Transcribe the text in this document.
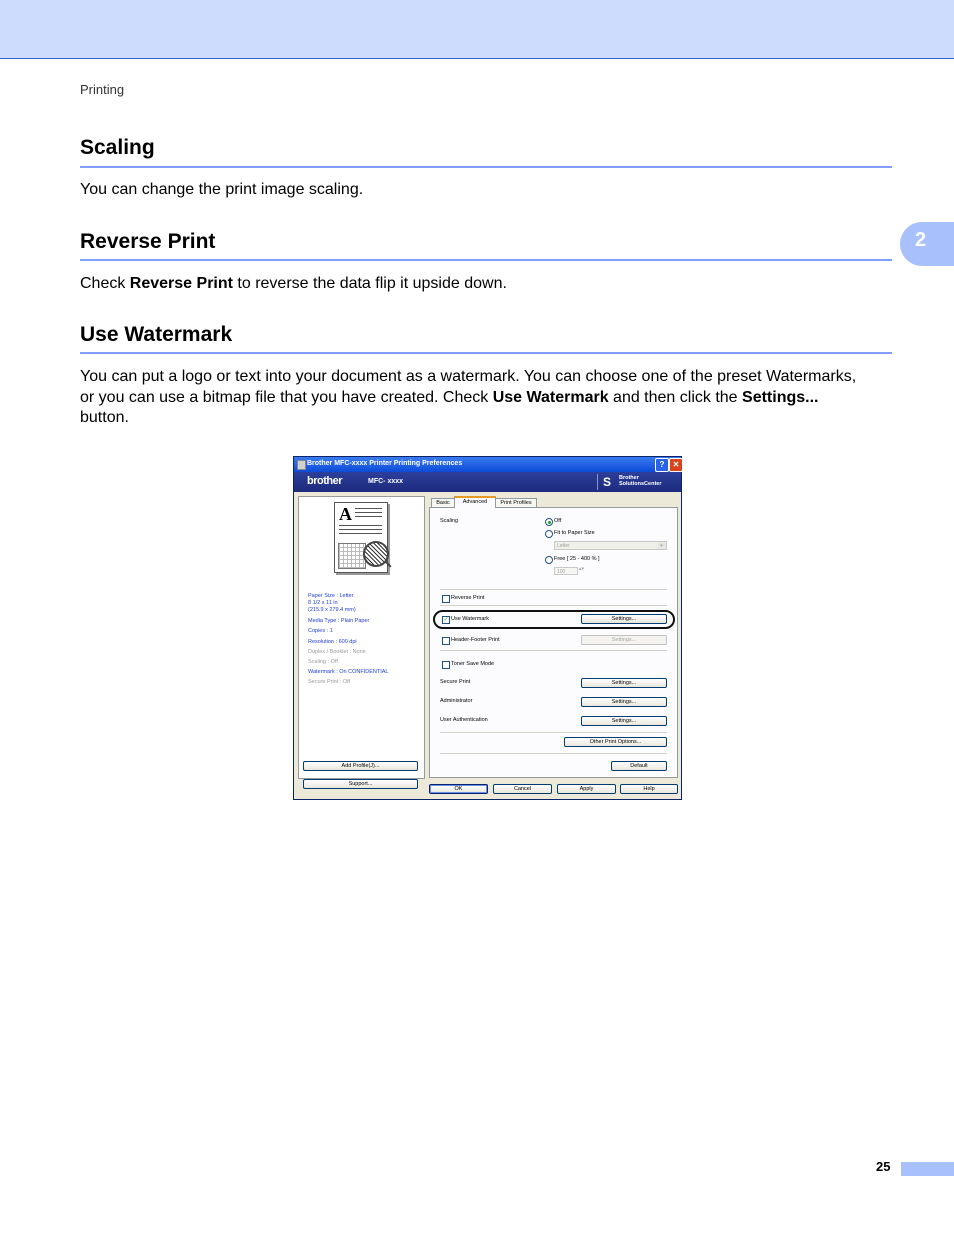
Printing
Scaling
You can change the print image scaling.
Reverse Print
Check Reverse Print to reverse the data flip it upside down.
2
Use Watermark
You can put a logo or text into your document as a watermark. You can choose one of the preset Watermarks,
or you can use a bitmap file that you have created. Check Use Watermark and then click the Settings...
button.
Brother MFC-xxxx Printer Printing Preferences	?	✕
brother	MFC- xxxx	S Brother
SolutionsCenter
A
Paper Size : Letter
8 1/2 x 11 in
(215.9 x 279.4 mm)
Media Type : Plain Paper
Copies : 1
Resolution : 600 dpi
Duplex / Booklet : None
Scaling : Off
Watermark : On CONFIDENTIAL
Secure Print : Off
Add Profile(J)...
Support...
Basic	Advanced	Print Profiles
Scaling	Off
Fit to Paper Size
Letter	▾
Free [ 25 - 400 % ]
100	▴▾
Reverse Print
✓ Use Watermark	Settings...
Header-Footer Print	Settings...
Toner Save Mode
Secure Print	Settings...
Administrator	Settings...
User Authentication	Settings...
Other Print Options...
Default
OK	Cancel	Apply	Help
25
